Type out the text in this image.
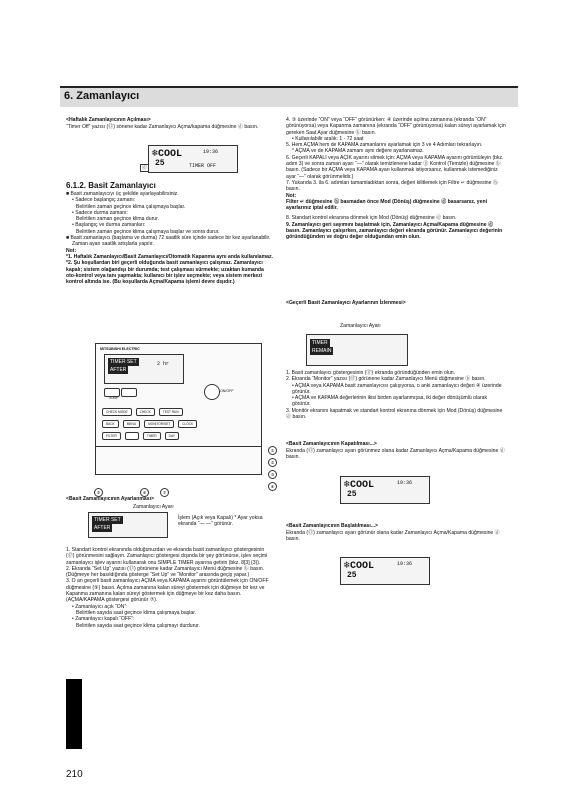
6. Zamanlayıcı
<Haftalık Zamanlayıcının Açılması>
“Timer Off” yazısı (⑰) sönene kadar Zamanlayıcı Açma/kapama düğmesine ⓓ basın.
❄COOL	19:36
25	TIMER OFF
ⓓ
6.1.2. Basit Zamanlayıcı
■ Basit zamanlayıcıyı üç şekilde ayarlayabilirsiniz.
• Sadece başlangıç zamanı:
Belirtilen zaman geçince klima çalışmaya başlar.
• Sadece durma zamanı:
Belirtilen zaman geçince klima durur.
• Başlangıç ve durma zamanları:
Belirtilen zaman geçince klima çalışmaya başlar ve sonra durur.
■ Basit zamanlayıcı (başlama ve durma) 72 saatlik süre içinde sadece bir kez ayarlanabilir.
Zaman ayarı saatlik artışlarla yapılır.
Not:
*1. Haftalık Zamanlayıcı/Basit Zamanlayıcı/Otomatik Kapanma aynı anda kullanılamaz.
*2. Şu koşullardan biri geçerli olduğunda basit zamanlayıcı çalışmaz. Zamanlayıcı kapalı; sistem olağandışı bir durumda; test çalışması sürmekte; uzaktan kumanda oto-kontrol veya tanı yapmakta; kullanıcı bir işlev seçmekte; veya sistem merkezi kontrol altında ise. (Bu koşullarda Açma/Kapama işlemi devre dışıdır.)
MITSUBISHI ELECTRIC
TIMER SET
AFTER
2 hr
TEMP.
ON/OFF
CHECK MODE	CHECK	TEST RUN
BACK	MENU	MONITOR/SET	CLOCK
FILTER	TIMER	DAY
①
②
③
④
⑤	⑥	⑦
<Basit Zamanlayıcının Ayarlanması>
Zamanlayıcı Ayarı
TIMER SET
AFTER
İşlem (Açık veya Kapalı) * Ayar yoksa ekranda “— —” görünür.
1. Standart kontrol ekranında olduğunuzdan ve ekranda basit zamanlayıcı göstergesinin (⑰) görünmesini sağlayın. Zamanlayıcı göstergesi dışında bir şey görünürse, işlev seçimi zamanlayıcı işlev ayarını kullanarak onu SIMPLE TIMER ayarına getirin (bkz. 8[3] (3)).
2. Ekranda “Set Up” yazısı (⑰) görünene kadar Zamanlayıcı Menü düğmesine ⓑ basın. (Düğmeye her basıldığında gösterge “Set Up” ve “Monitor” arasında geçiş yapar.)
3. O an geçerli basit zamanlayıcı AÇMA veya KAPAMA ayarını görüntülemek için ON/OFF düğmesine (⑨) basın. Açılma zamanına kalan süreyi göstermek için düğmeye bir kez ve Kapanma zamanına kalan süreyi göstermek için düğmeye bir kez daha basın. (AÇMA/KAPAMA göstergesi görünür ⑦).
• Zamanlayıcı açık “ON”:
Belirtilen sayıda saat geçince klima çalışmaya başlar.
• Zamanlayıcı kapalı “OFF”:
Belirtilen sayıda saat geçince klima çalışmayı durdurur.
210
4. ③ üzerinde “ON” veya “OFF” görünürken: ④ üzerinde açılma zamanına (ekranda “ON” görünüyorsa) veya Kapanma zamanına (ekranda “OFF” görünüyorsa) kalan süreyi ayarlamak için gereken Saat Ayar düğmesine ⓑ basın.
• Kullanılabilir aralık: 1 - 72 saat
5. Hem AÇMA hem de KAPAMA zamanlarını ayarlamak için 3 ve 4 Adımları tekrarlayın.
* AÇMA ve de KAPAMA zamanı aynı değere ayarlanamaz.
6. Geçerli KAPALI veya AÇIK ayarını silmek için: AÇMA veya KAPAMA ayarını görüntüleyin (bkz. adım 3) ve sonra zaman ayarı “—” olarak temizlenene kadar ⓖ Kontrol (Temizle) düğmesine ⓑ basın. (Sadece bir AÇMA veya KAPAMA ayarı kullanmak istiyorsanız, kullanmak istemediğiniz ayar “—” olarak görünmelidir.)
7. Yukarıda 3. ila 6. adımları tamamladıktan sonra, değeri kilitlemek için Filtre ↵ düğmesine ⓗ basın.
Not:
Filter ↵ düğmesine ⓗ basmadan önce Mod (Dönüş) düğmesine ⓓ basarsanız, yeni ayarlarınız iptal edilir.
8. Standart kontrol ekranına dönmek için Mod (Dönüş) düğmesine ⓓ basın.
9. Zamanlayıcı geri sayımını başlatmak için, Zamanlayıcı Açma/Kapama düğmesine ⓓ basın. Zamanlayıcı çalışırken, zamanlayıcı değeri ekranda görünür. Zamanlayıcı değerinin göründüğünden ve doğru değer olduğundan emin olun.
<Geçerli Basit Zamanlayıcı Ayarlarının İzlenmesi>
Zamanlayıcı Ayarı
TIMER
REMAIN
1. Basit zamanlayıcı göstergesinin (⑰) ekranda göründüğünden emin olun.
2. Ekranda “Monitor” yazısı (⑰) görünene kadar Zamanlayıcı Menü düğmesine ⓑ basın.
• AÇMA veya KAPAMA basit zamanlayıcısı çalışıyorsa, o anki zamanlayıcı değeri ④ üzerinde görünür.
• AÇMA ve KAPAMA değerlerinin ikisi birden ayarlanmışsa, iki değer dönüşümlü olarak görünür.
3. Monitör ekranını kapatmak ve standart kontrol ekranına dönmek için Mod (Dönüş) düğmesine ⓓ basın.
<Basit Zamanlayıcının Kapatılması...>
Ekranda (⑰) zamanlayıcı ayarı görünmez olana kadar Zamanlayıcı Açma/Kapama düğmesine ⓓ basın.
❄COOL	19:36
25
<Basit Zamanlayıcının Başlatılması...>
Ekranda (⑰) zamanlayıcı ayarı görünür olana kadar Zamanlayıcı Açma/Kapama düğmesine ⓓ basın.
❄COOL	19:36
25
